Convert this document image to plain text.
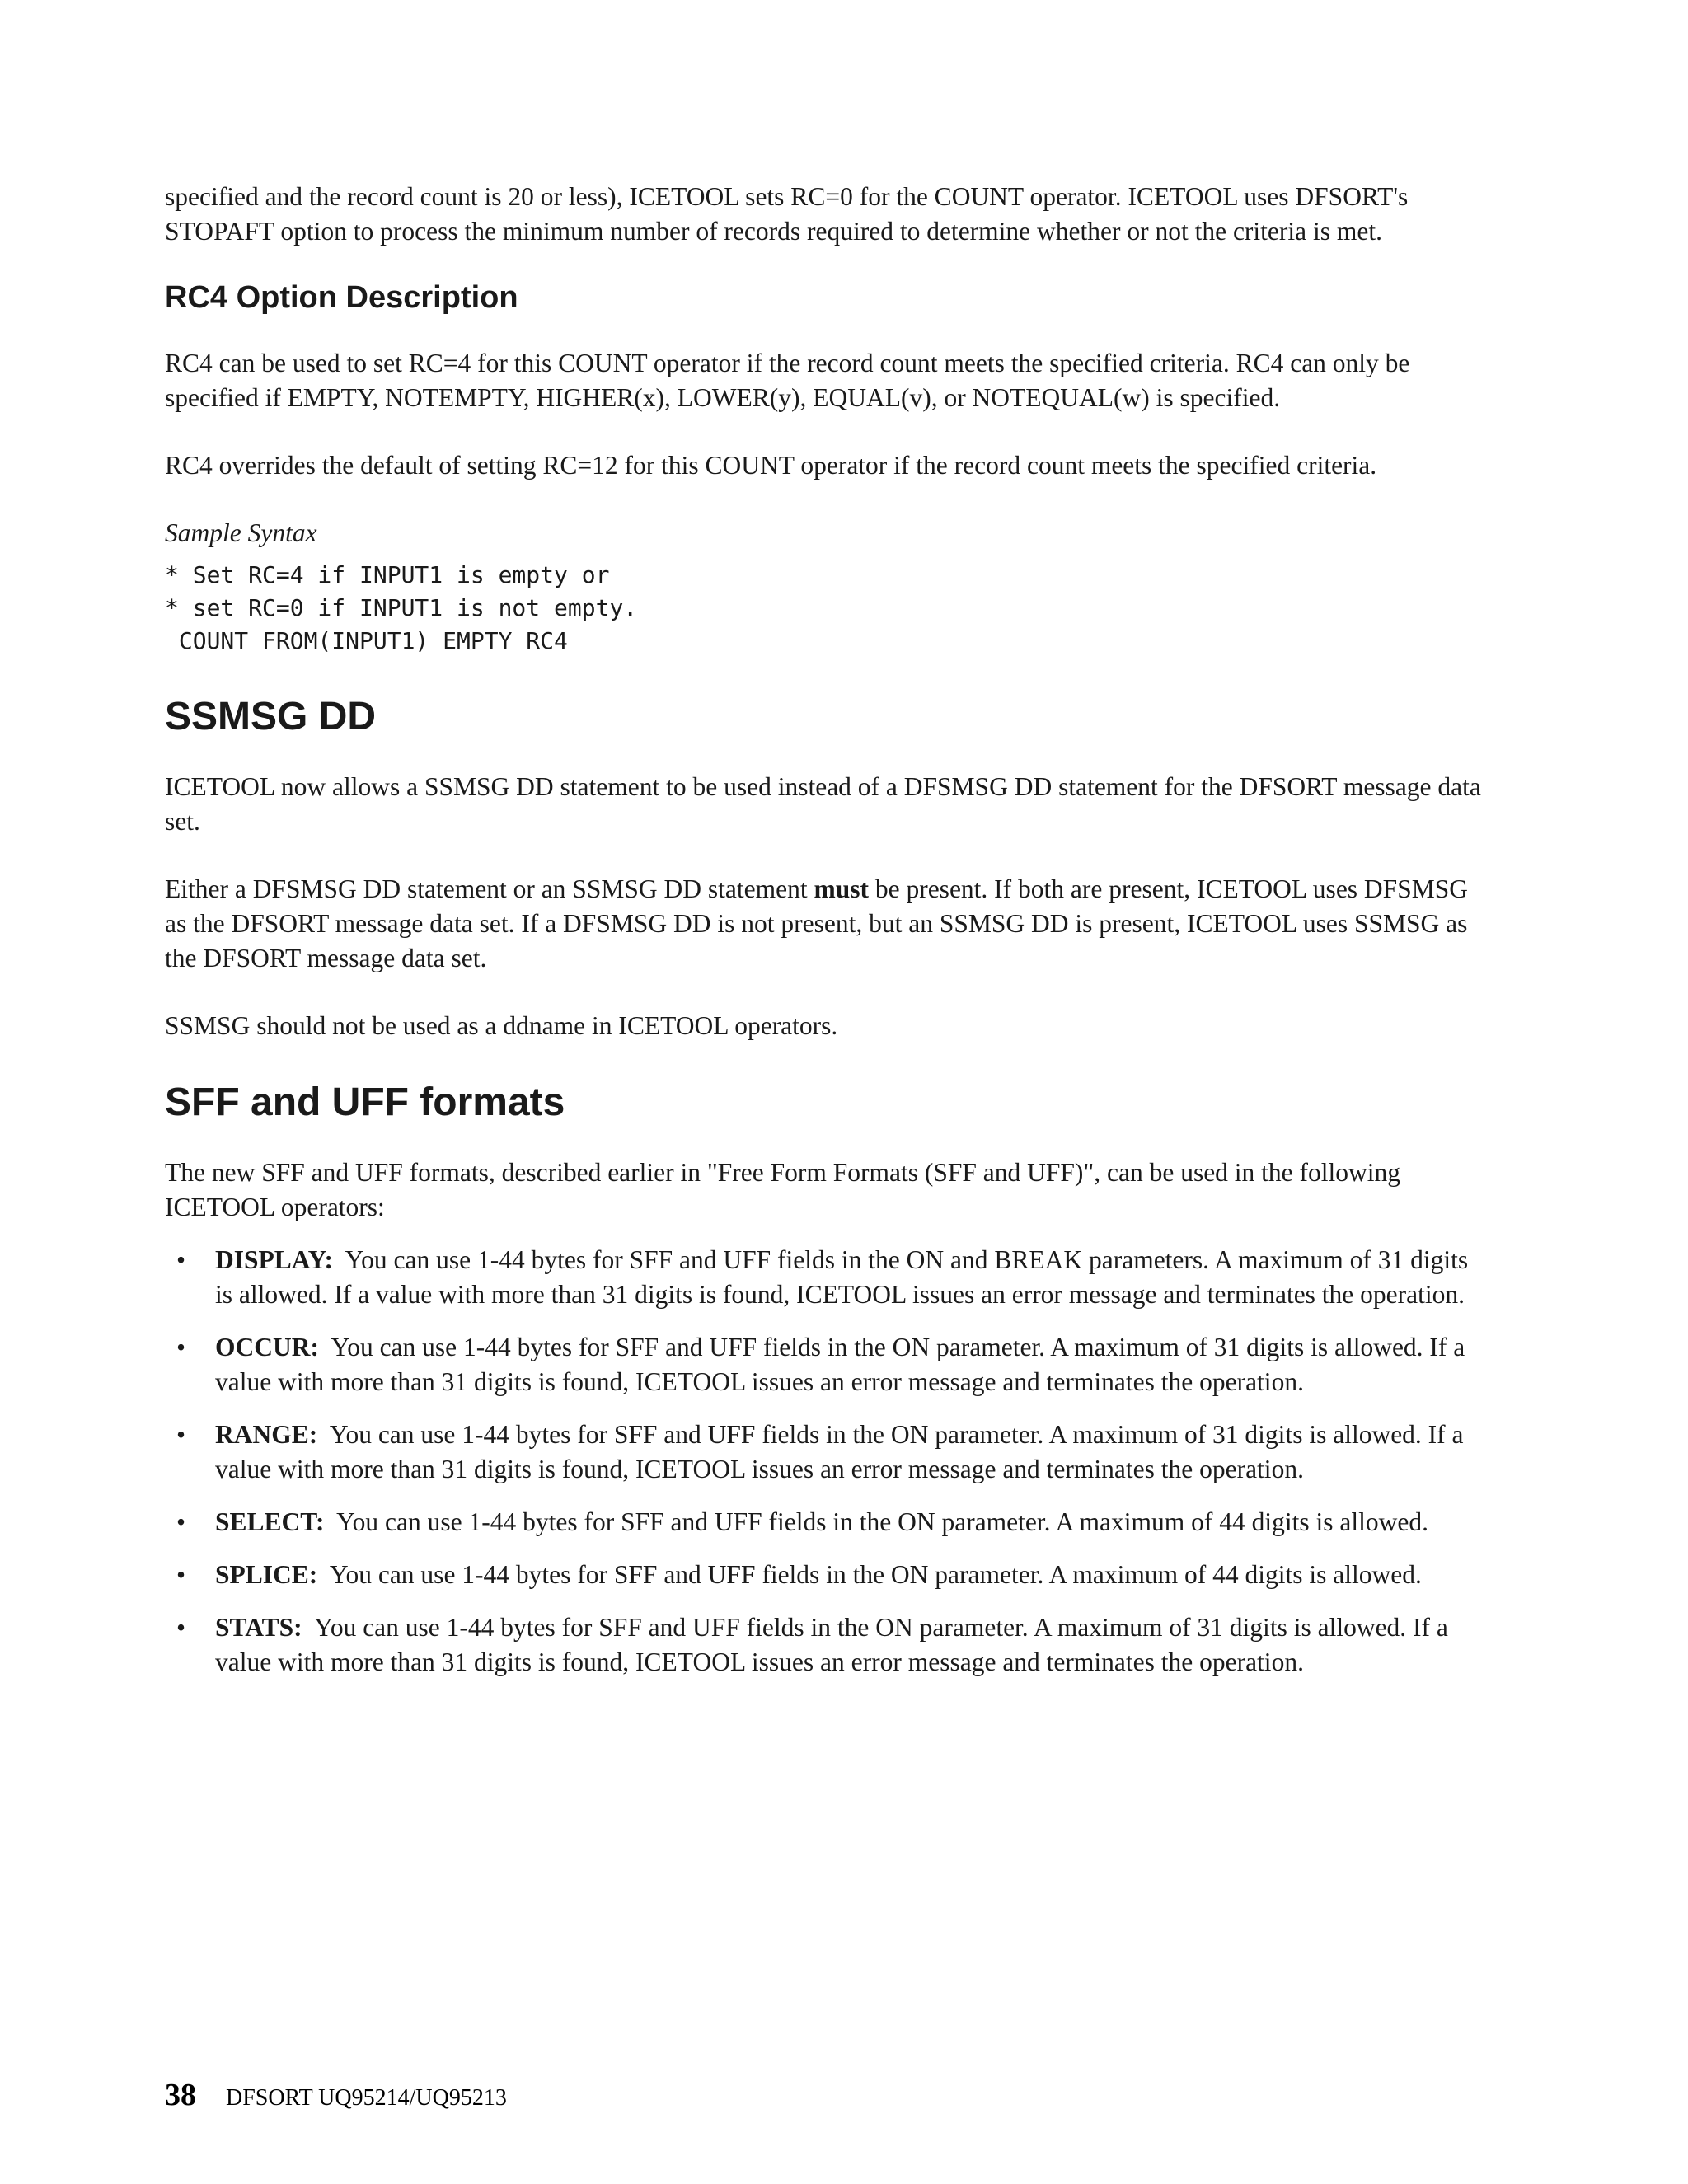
specified and the record count is 20 or less), ICETOOL sets RC=0 for the COUNT operator. ICETOOL uses DFSORT's STOPAFT option to process the minimum number of records required to determine whether or not the criteria is met.

RC4 Option Description

RC4 can be used to set RC=4 for this COUNT operator if the record count meets the specified criteria. RC4 can only be specified if EMPTY, NOTEMPTY, HIGHER(x), LOWER(y), EQUAL(v), or NOTEQUAL(w) is specified.

RC4 overrides the default of setting RC=12 for this COUNT operator if the record count meets the specified criteria.

Sample Syntax
* Set RC=4 if INPUT1 is empty or
* set RC=0 if INPUT1 is not empty.
COUNT FROM(INPUT1) EMPTY RC4
SSMSG DD

ICETOOL now allows a SSMSG DD statement to be used instead of a DFSMSG DD statement for the DFSORT message data set.

Either a DFSMSG DD statement or an SSMSG DD statement must be present. If both are present, ICETOOL uses DFSMSG as the DFSORT message data set. If a DFSMSG DD is not present, but an SSMSG DD is present, ICETOOL uses SSMSG as the DFSORT message data set.

SSMSG should not be used as a ddname in ICETOOL operators.

SFF and UFF formats

The new SFF and UFF formats, described earlier in "Free Form Formats (SFF and UFF)", can be used in the following ICETOOL operators:

• DISPLAY: You can use 1-44 bytes for SFF and UFF fields in the ON and BREAK parameters. A maximum of 31 digits is allowed. If a value with more than 31 digits is found, ICETOOL issues an error message and terminates the operation.
• OCCUR: You can use 1-44 bytes for SFF and UFF fields in the ON parameter. A maximum of 31 digits is allowed. If a value with more than 31 digits is found, ICETOOL issues an error message and terminates the operation.
• RANGE: You can use 1-44 bytes for SFF and UFF fields in the ON parameter. A maximum of 31 digits is allowed. If a value with more than 31 digits is found, ICETOOL issues an error message and terminates the operation.
• SELECT: You can use 1-44 bytes for SFF and UFF fields in the ON parameter. A maximum of 44 digits is allowed.
• SPLICE: You can use 1-44 bytes for SFF and UFF fields in the ON parameter. A maximum of 44 digits is allowed.
• STATS: You can use 1-44 bytes for SFF and UFF fields in the ON parameter. A maximum of 31 digits is allowed. If a value with more than 31 digits is found, ICETOOL issues an error message and terminates the operation.
38 DFSORT UQ95214/UQ95213
